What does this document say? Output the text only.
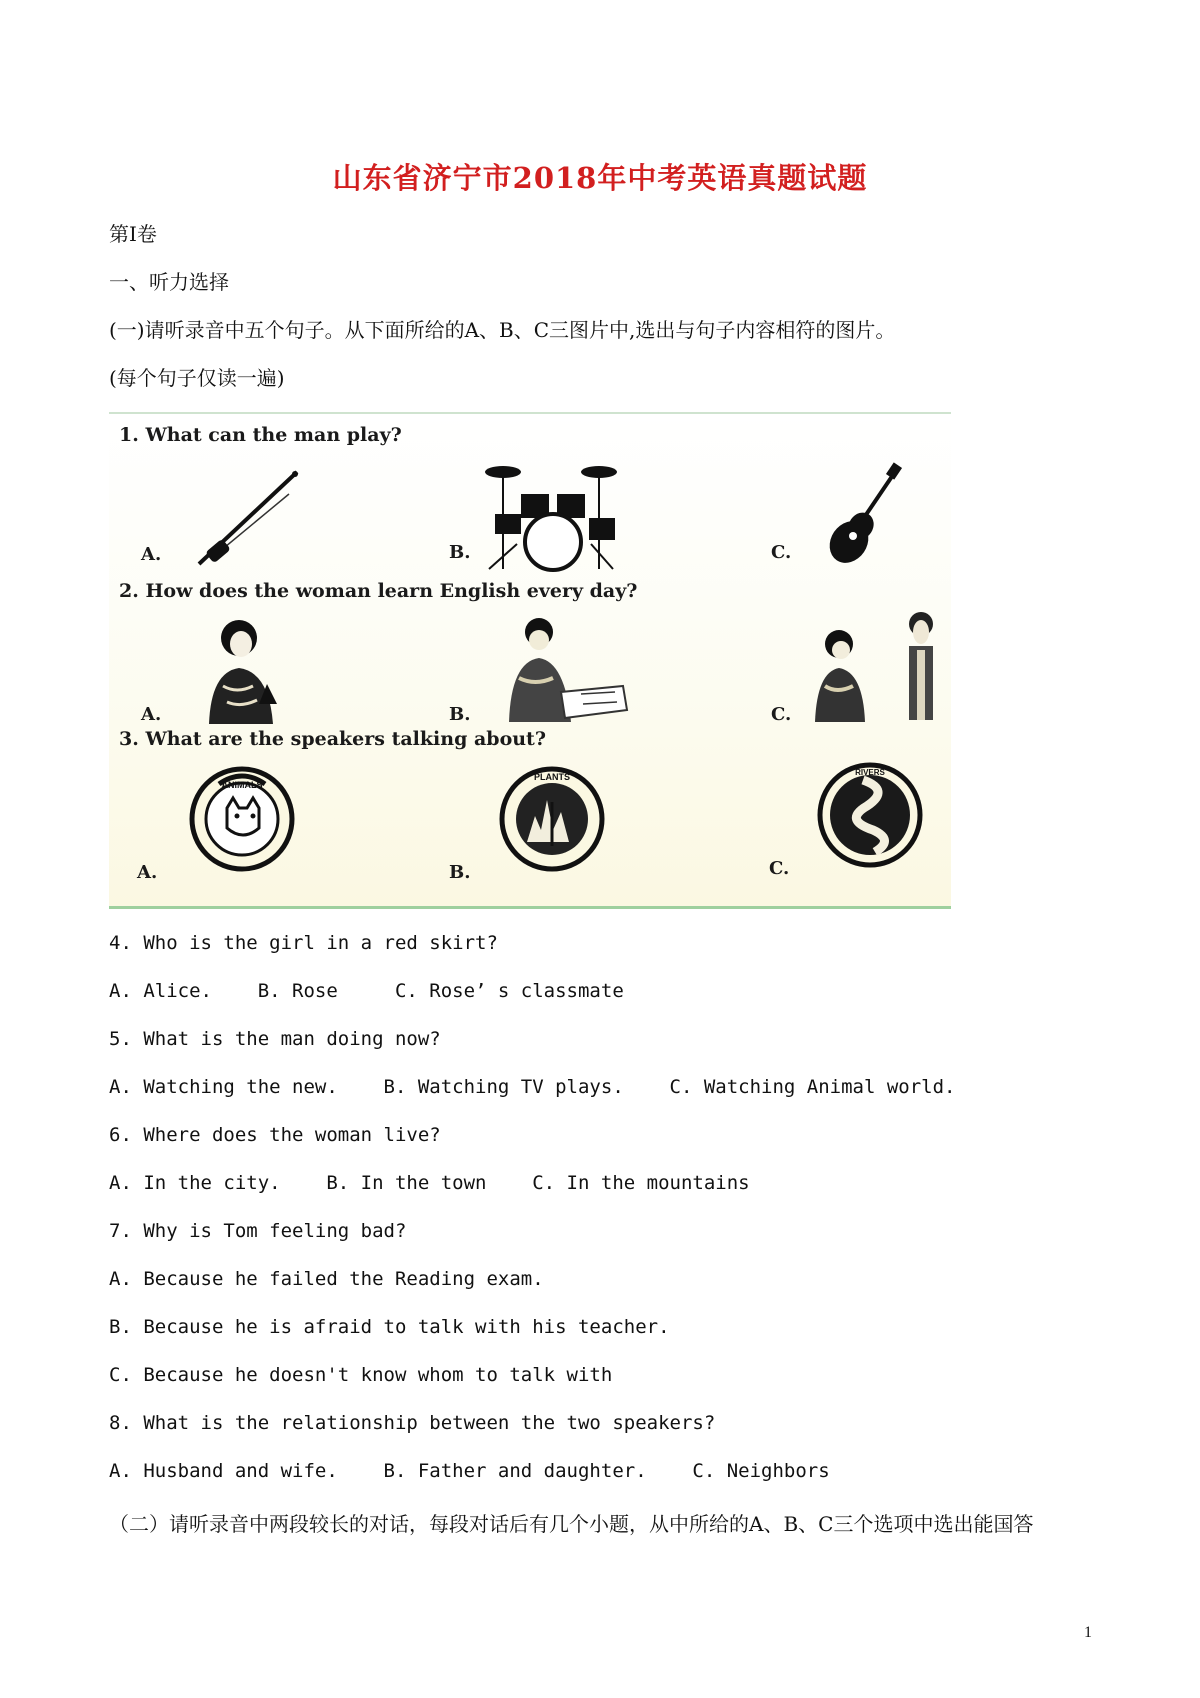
山东省济宁市2018年中考英语真题试题
第Ⅰ卷
一、听力选择
(一)请听录音中五个句子。从下面所给的A、B、C三图片中,选出与句子内容相符的图片。
(每个句子仅读一遍)
1. What can the man play?
A.	B.	C.
2. How does the woman learn English every day?
A.	B.	C.
3. What are the speakers talking about?
A.
ANIMALS
B.
PLANTS
C.
RIVERS
4. Who is the girl in a red skirt?
A. Alice.    B. Rose     C. Rose’ s classmate
5. What is the man doing now?
A. Watching the new.    B. Watching TV plays.    C. Watching Animal world.
6. Where does the woman live?
A. In the city.    B. In the town    C. In the mountains
7. Why is Tom feeling bad?
A. Because he failed the Reading exam.
B. Because he is afraid to talk with his teacher.
C. Because he doesn't know whom to talk with
8. What is the relationship between the two speakers?
A. Husband and wife.    B. Father and daughter.    C. Neighbors
（二）请听录音中两段较长的对话，每段对话后有几个小题，从中所给的A、B、C三个选项中选出能国答
1
